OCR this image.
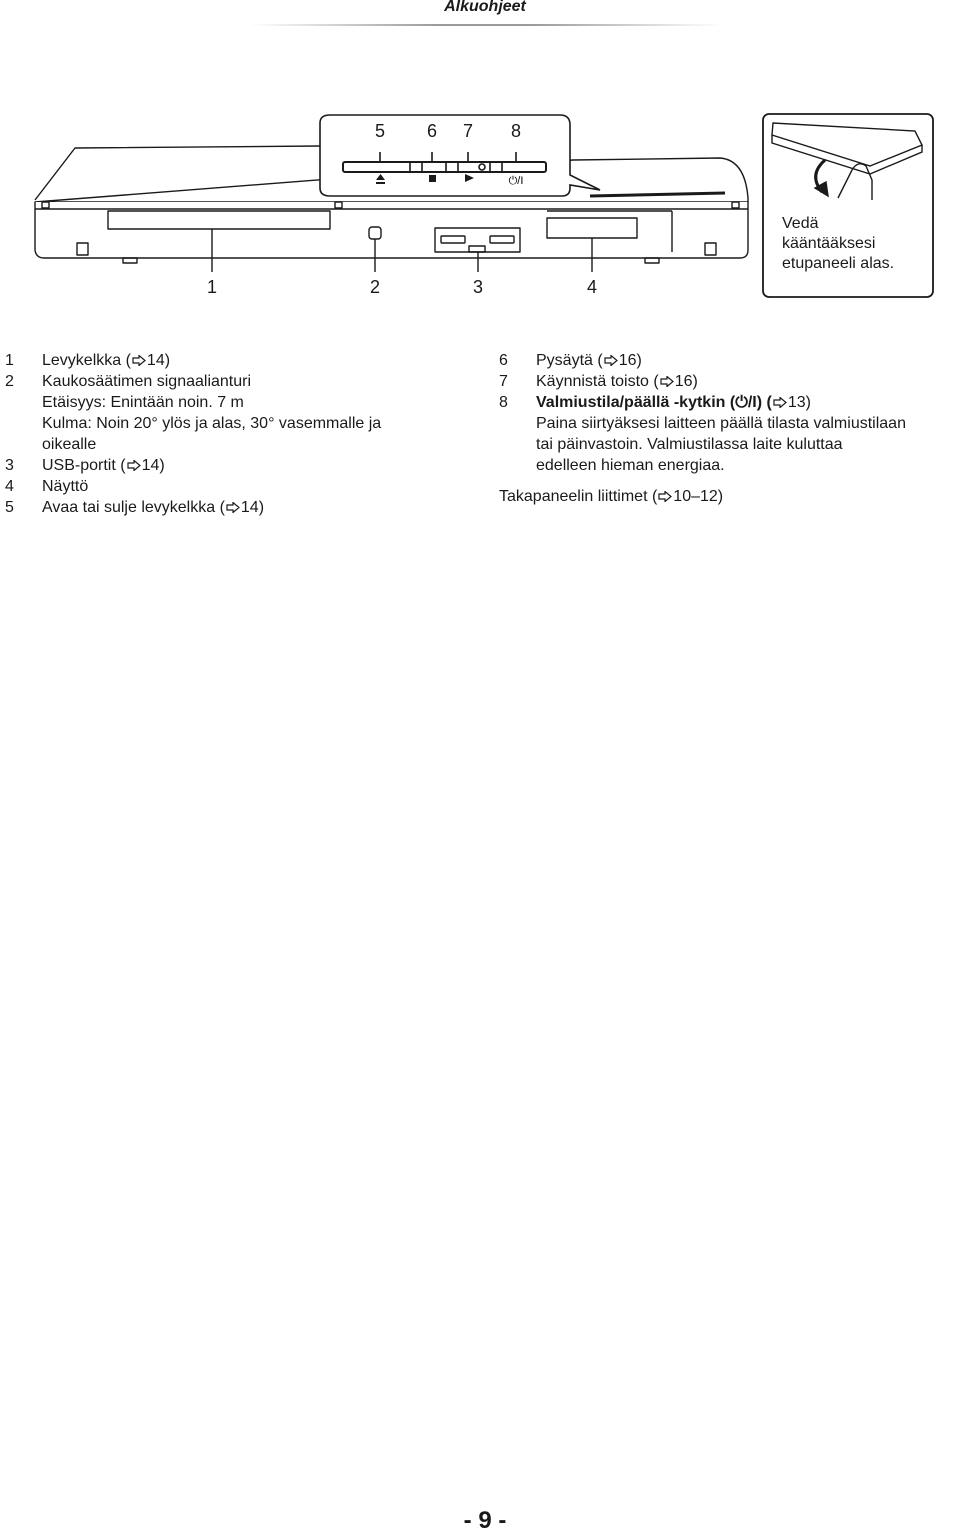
Alkuohjeet
5 6 7 8
⏻/I
1	2	3	4
Vedä
kääntääksesi
etupaneeli alas.
1	Levykelkka ( 14)
2	Kaukosäätimen signaalianturi
Etäisyys: Enintään noin. 7 m
Kulma: Noin 20° ylös ja alas, 30° vasemmalle ja
oikealle
3	USB-portit ( 14)
4	Näyttö
5	Avaa tai sulje levykelkka ( 14)
6	Pysäytä ( 16)
7	Käynnistä toisto ( 16)
8	Valmiustila/päällä -kytkin (⏻/I) ( 13)
Paina siirtyäksesi laitteen päällä tilasta valmiustilaan
tai päinvastoin. Valmiustilassa laite kuluttaa
edelleen hieman energiaa.
Takapaneelin liittimet ( 10–12)
- 9 -
